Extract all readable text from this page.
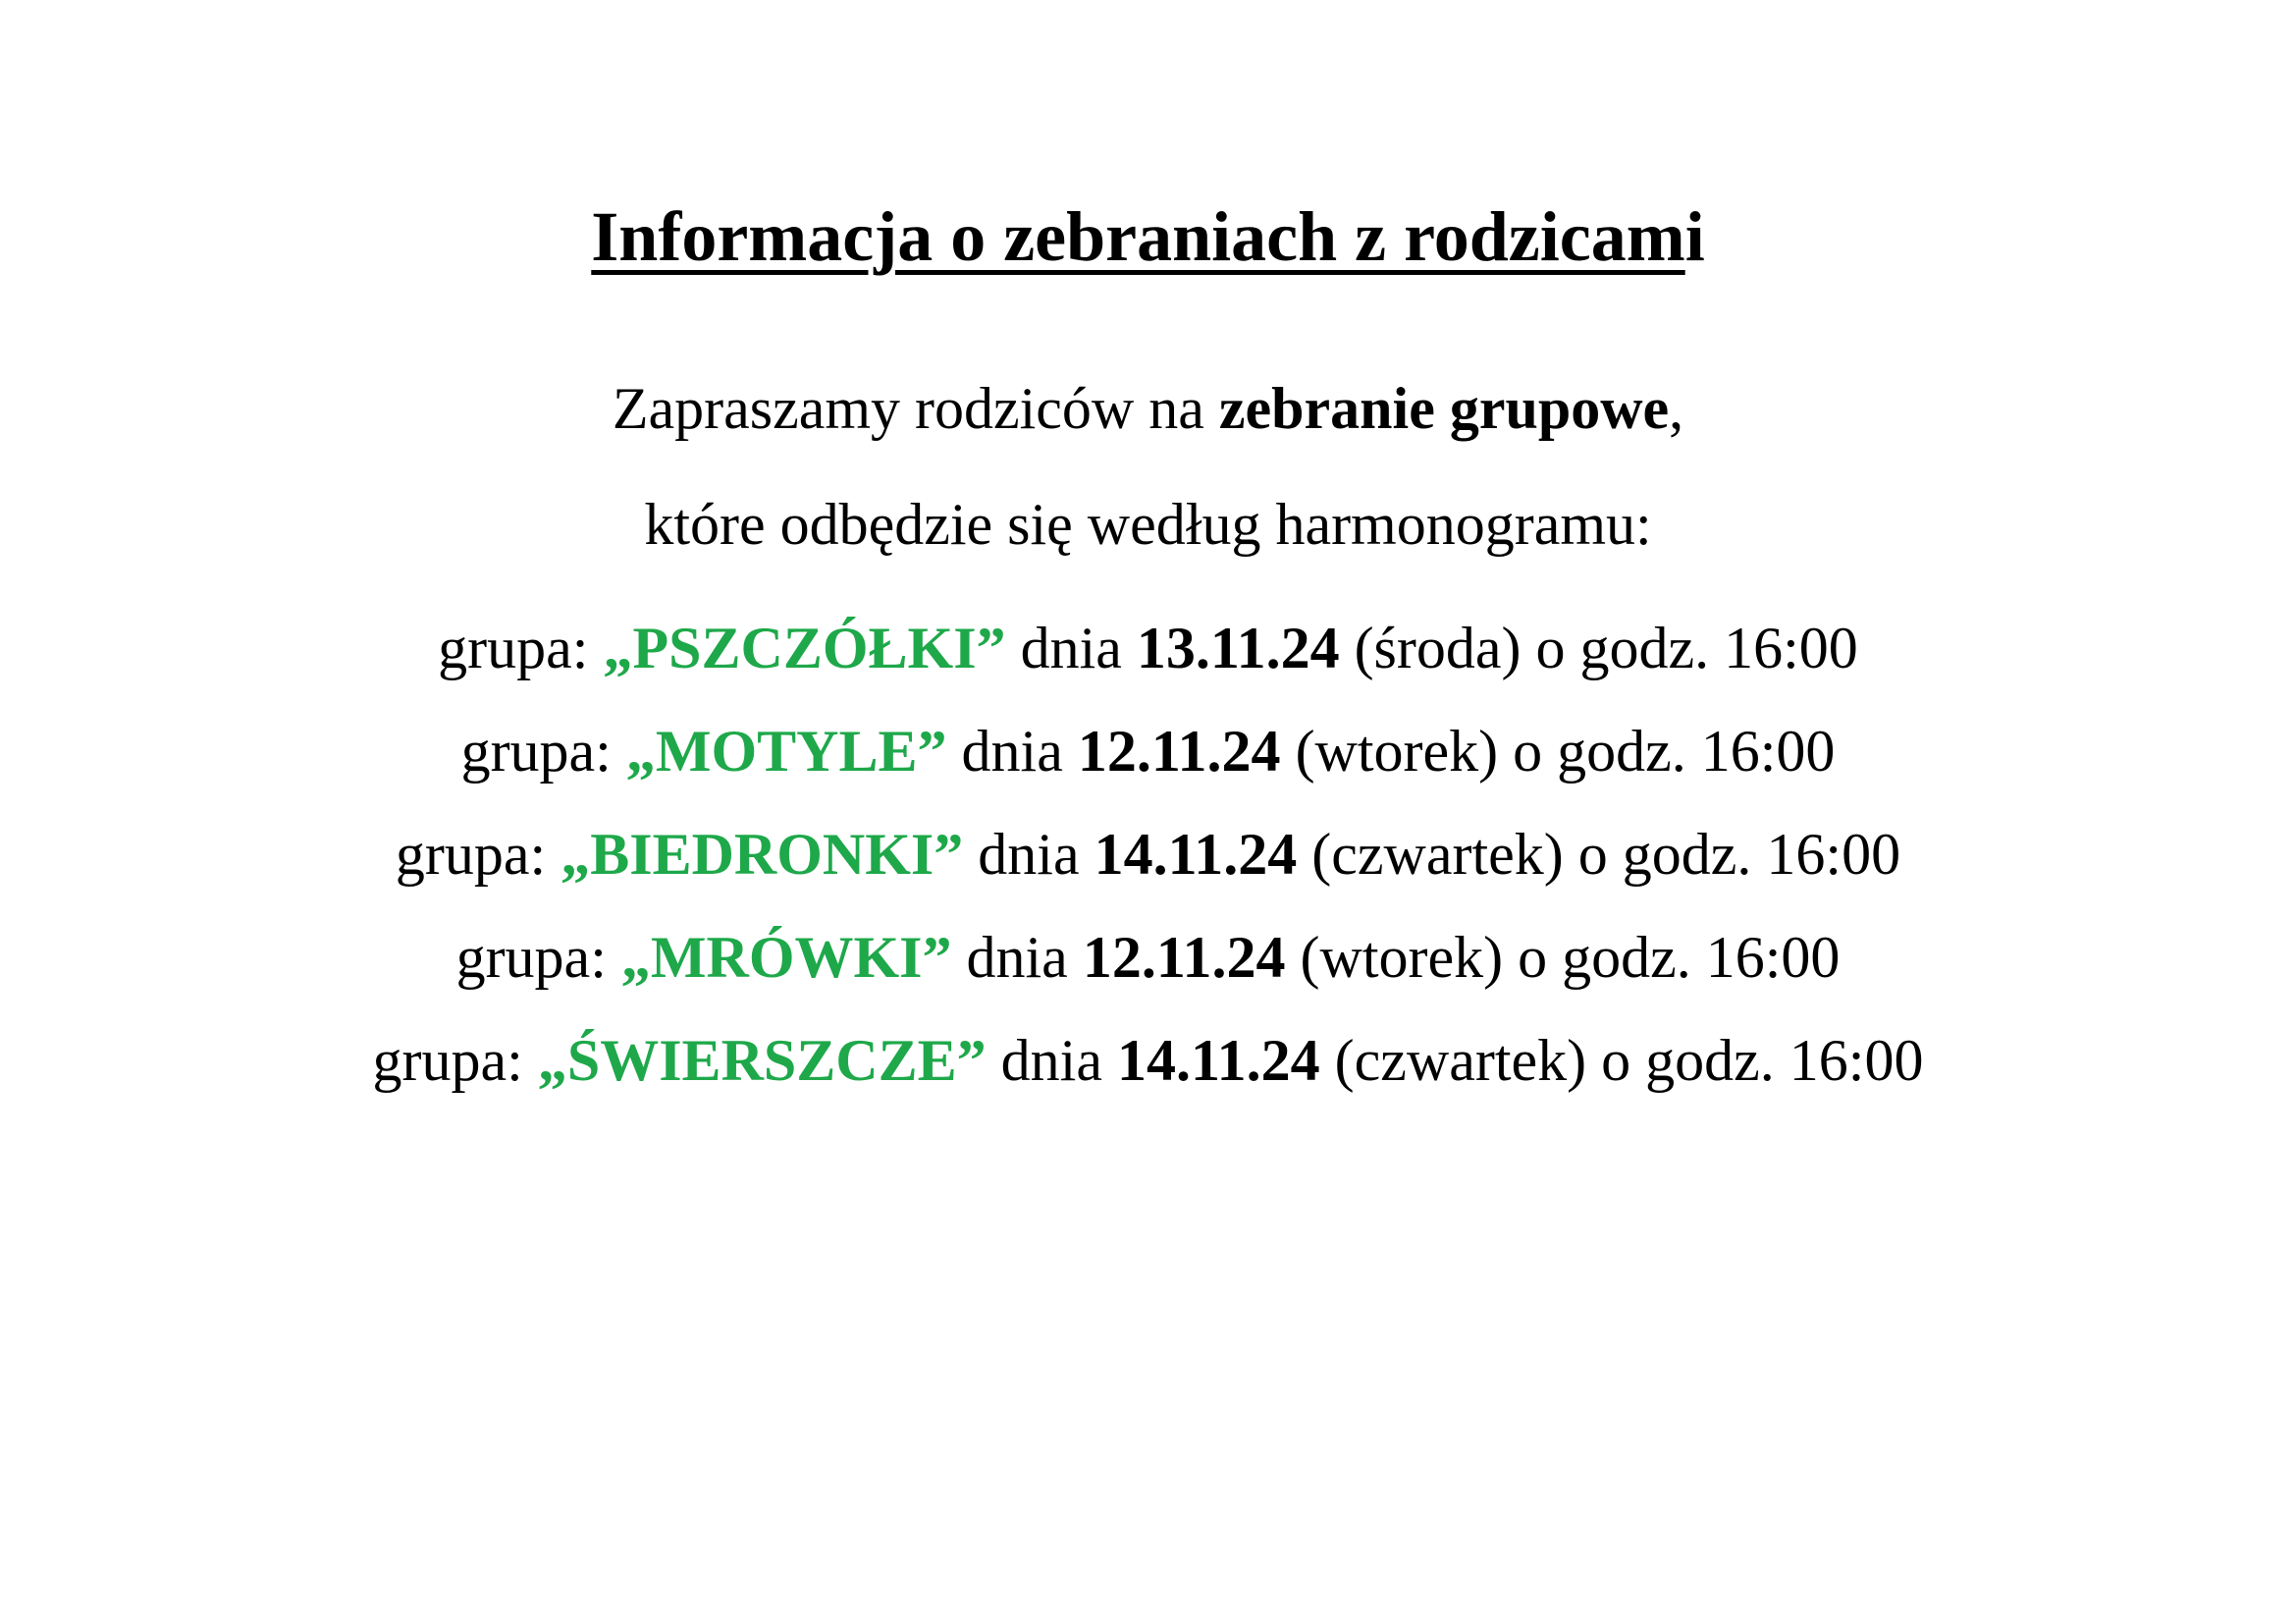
Informacja o zebraniach z rodzicami
Zapraszamy rodziców na zebranie grupowe,
które odbędzie się według harmonogramu:
grupa: „PSZCZÓŁKI” dnia 13.11.24 (środa) o godz. 16:00
grupa: „MOTYLE” dnia 12.11.24 (wtorek) o godz. 16:00
grupa: „BIEDRONKI” dnia 14.11.24 (czwartek) o godz. 16:00
grupa: „MRÓWKI” dnia 12.11.24 (wtorek) o godz. 16:00
grupa: „ŚWIERSZCZE” dnia 14.11.24 (czwartek) o godz. 16:00
